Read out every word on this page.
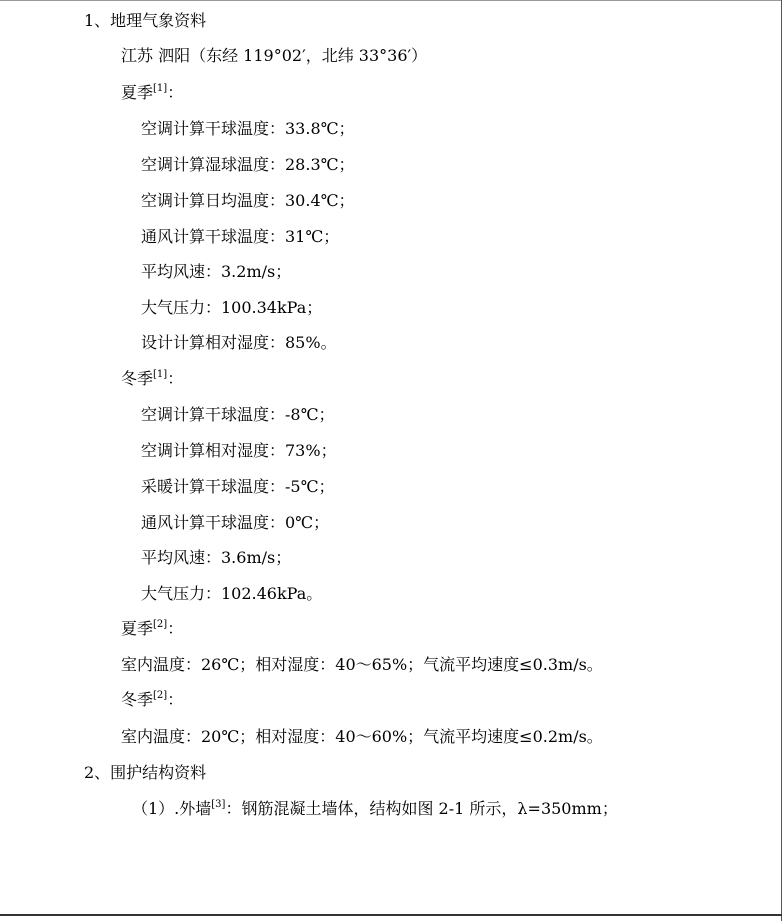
1、地理气象资料
江苏 泗阳（东经 119°02′，北纬 33°36′）
夏季[1]：
空调计算干球温度：33.8℃；
空调计算湿球温度：28.3℃；
空调计算日均温度：30.4℃；
通风计算干球温度：31℃；
平均风速：3.2m/s；
大气压力：100.34kPa；
设计计算相对湿度：85%。
冬季[1]：
空调计算干球温度：-8℃；
空调计算相对湿度：73%；
采暖计算干球温度：-5℃；
通风计算干球温度：0℃；
平均风速：3.6m/s；
大气压力：102.46kPa。
夏季[2]：
室内温度：26℃；相对湿度：40～65%；气流平均速度≤0.3m/s。
冬季[2]：
室内温度：20℃；相对湿度：40～60%；气流平均速度≤0.2m/s。
2、围护结构资料
（1）.外墙[3]：钢筋混凝土墙体，结构如图 2-1 所示，λ=350mm；
